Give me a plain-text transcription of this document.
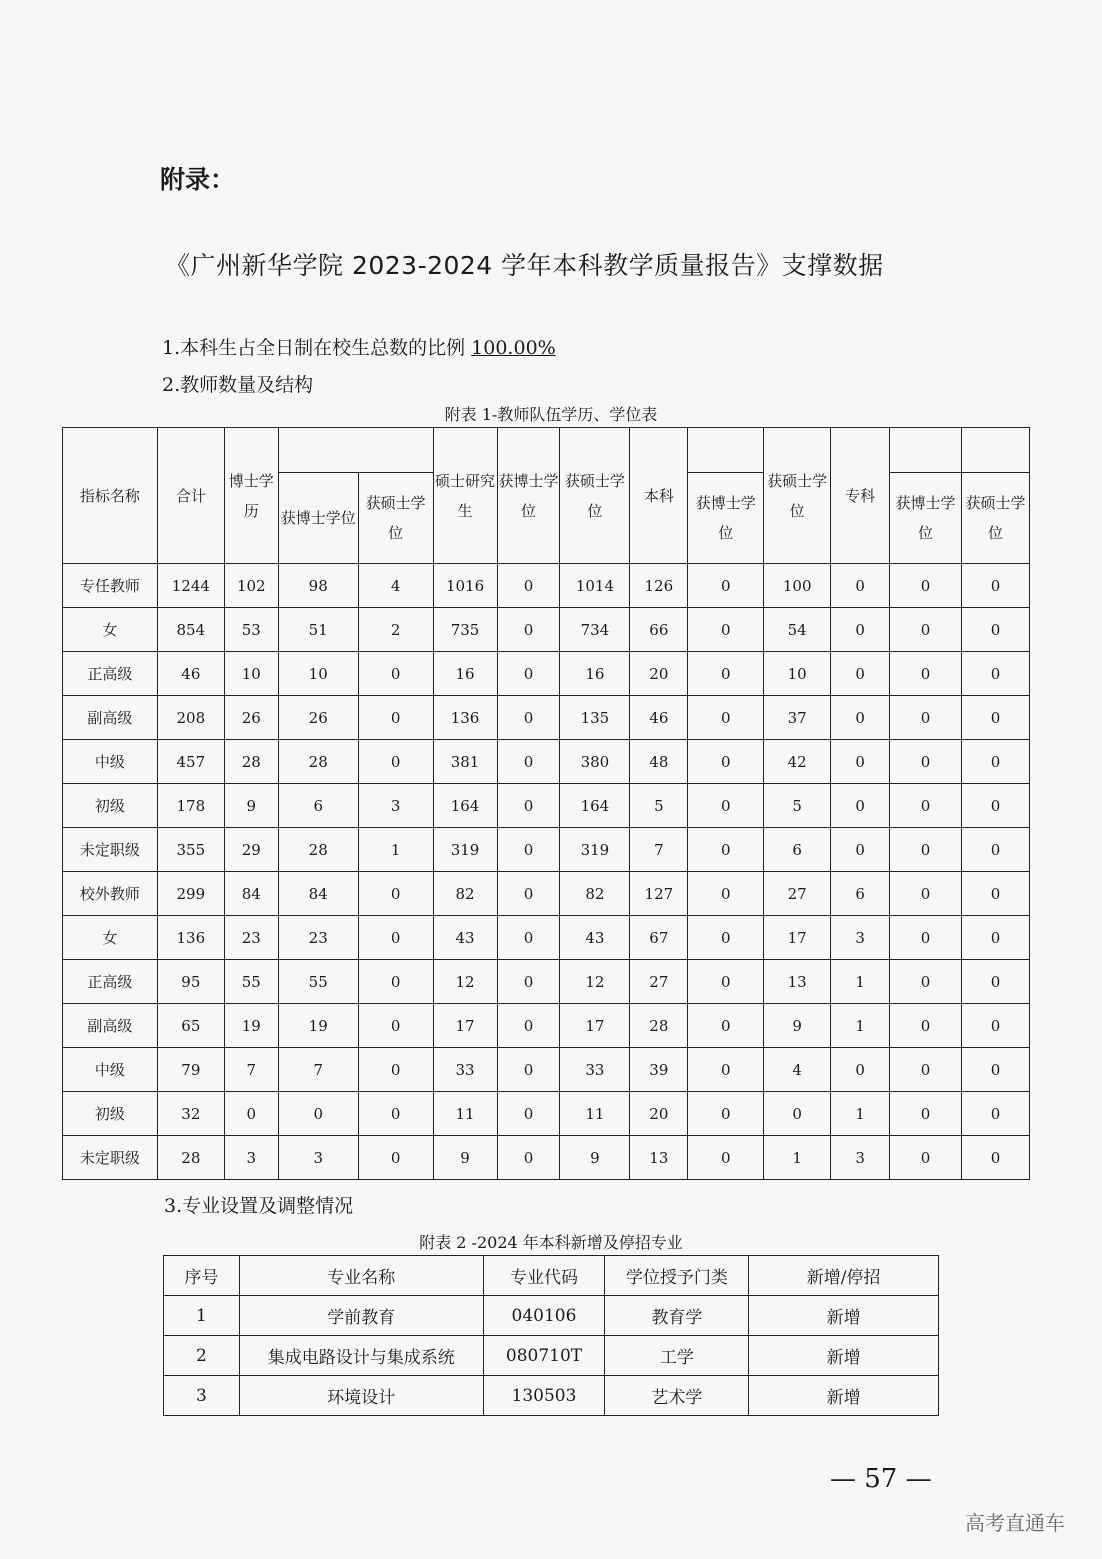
附录：
《广州新华学院 2023-2024 学年本科教学质量报告》支撑数据
1.本科生占全日制在校生总数的比例 100.00%
2.教师数量及结构
附表 1-教师队伍学历、学位表
指标名称	合计	博士学历			硕士研究生	获博士学位	获硕士学位	本科		获硕士学位	专科		
			获博士学位	获硕士学位					获博士学位			获博士学位	获硕士学位
专任教师	1244	102	98	4	1016	0	1014	126	0	100	0	0	0
女	854	53	51	2	735	0	734	66	0	54	0	0	0
正高级	46	10	10	0	16	0	16	20	0	10	0	0	0
副高级	208	26	26	0	136	0	135	46	0	37	0	0	0
中级	457	28	28	0	381	0	380	48	0	42	0	0	0
初级	178	9	6	3	164	0	164	5	0	5	0	0	0
未定职级	355	29	28	1	319	0	319	7	0	6	0	0	0
校外教师	299	84	84	0	82	0	82	127	0	27	6	0	0
女	136	23	23	0	43	0	43	67	0	17	3	0	0
正高级	95	55	55	0	12	0	12	27	0	13	1	0	0
副高级	65	19	19	0	17	0	17	28	0	9	1	0	0
中级	79	7	7	0	33	0	33	39	0	4	0	0	0
初级	32	0	0	0	11	0	11	20	0	0	1	0	0
未定职级	28	3	3	0	9	0	9	13	0	1	3	0	0
3.专业设置及调整情况
附表 2 -2024 年本科新增及停招专业
序号	专业名称	专业代码	学位授予门类	新增/停招
1	学前教育	040106	教育学	新增
2	集成电路设计与集成系统	080710T	工学	新增
3	环境设计	130503	艺术学	新增
— 57 —
高考直通车
